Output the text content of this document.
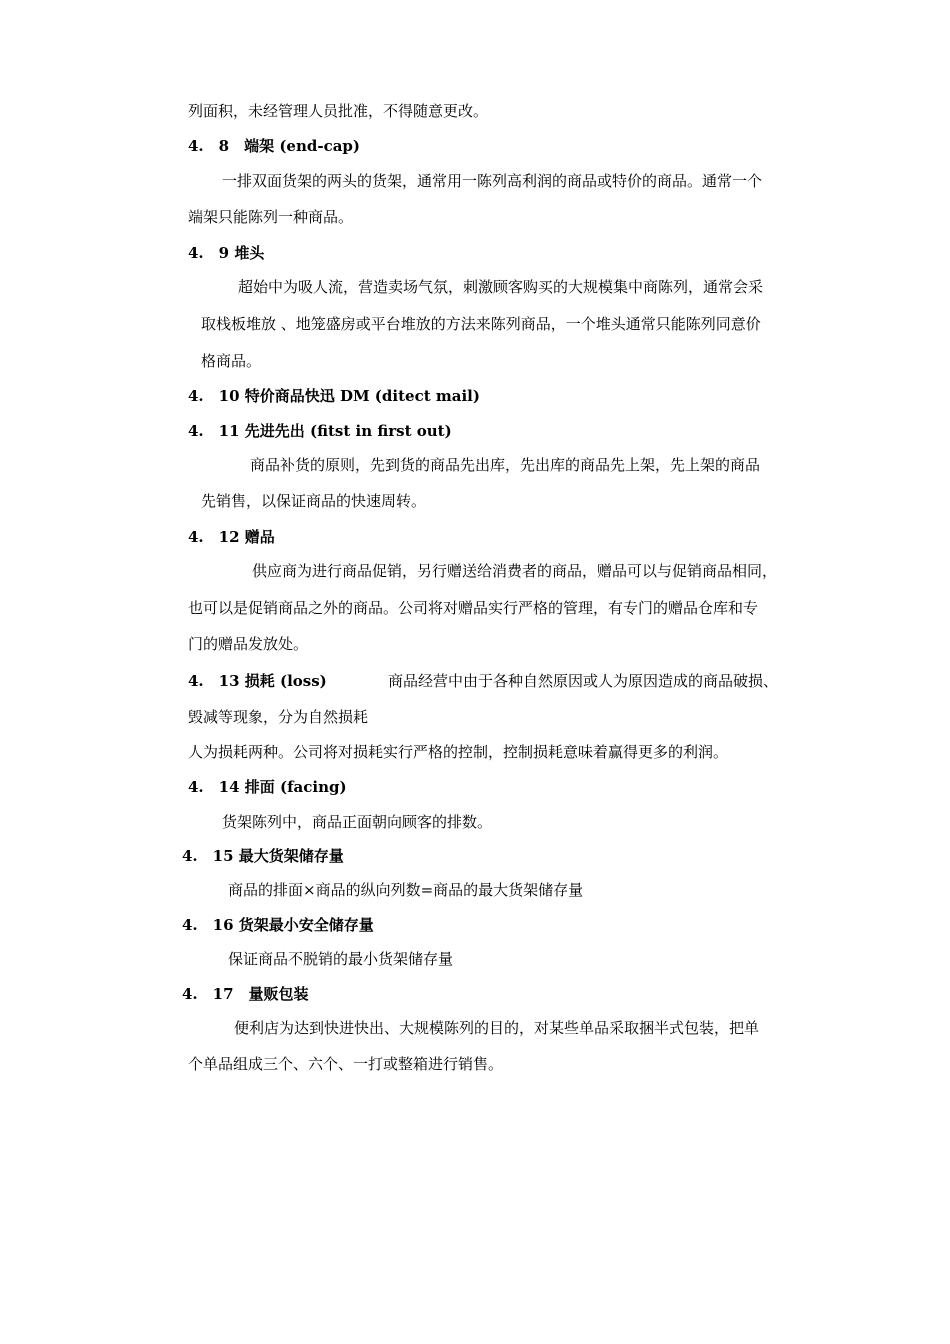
列面积，未经管理人员批准，不得随意更改。
4.　8　端架 (end-cap)
一排双面货架的两头的货架，通常用一陈列高利润的商品或特价的商品。通常一个
端架只能陈列一种商品。
4.　9 堆头
超始中为吸人流，营造卖场气氛，刺激顾客购买的大规模集中商陈列，通常会采
取栈板堆放 、地笼盛房或平台堆放的方法来陈列商品，一个堆头通常只能陈列同意价
格商品。
4.　10 特价商品快迅 DM (ditect mail)
4.　11 先进先出 (fitst in first out)
商品补货的原则，先到货的商品先出库，先出库的商品先上架，先上架的商品
先销售，以保证商品的快速周转。
4.　12 赠品
供应商为进行商品促销，另行赠送给消费者的商品，赠品可以与促销商品相同，
也可以是促销商品之外的商品。公司将对赠品实行严格的管理，有专门的赠品仓库和专
门的赠品发放处。
4.　13 损耗 (loss)	商品经营中由于各种自然原因或人为原因造成的商品破损、
毁减等现象，分为自然损耗
人为损耗两种。公司将对损耗实行严格的控制，控制损耗意味着赢得更多的利润。
4.　14 排面 (facing)
货架陈列中，商品正面朝向顾客的排数。
4.　15 最大货架储存量
商品的排面×商品的纵向列数=商品的最大货架储存量
4.　16 货架最小安全储存量
保证商品不脱销的最小货架储存量
4.　17　量贩包装
便利店为达到快进快出、大规模陈列的目的，对某些单品采取捆半式包装，把单
个单品组成三个、六个、一打或整箱进行销售。
